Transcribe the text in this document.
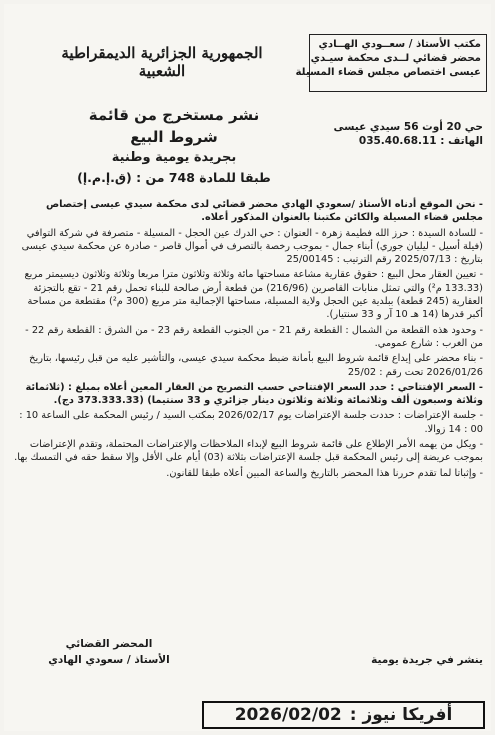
مكتب الأستاذ / سعــودي الهــادي
محضر قضائي لــدى محكمة سيـدي
عيسى اختصاص مجلس قضاء المسيلة
حي 20 أوت 56 سيدي عيسى
الهاتف : 035.40.68.11
الجمهورية الجزائرية الديمقراطية الشعبية
نشر مستخرج من قائمة شروط البيع
بجريدة يومية وطنية
طبقا للمادة 748 من : (ق.إ.م.إ)

- نحن الموقع أدناه الأستاذ /سعودي الهادي محضر قضائي لدى محكمة سيدي عيسى إختصاص مجلس قضاء المسيلة والكائن مكتبنا بالعنوان المذكور أعلاه.

- للسادة السيدة : حرز الله فطيمة زهرة - العنوان : حي الدرك عين الحجل - المسيلة - متصرفة في شركة التوافي (فيلة أسيل - ليليان جوري) أبناء جمال - بموجب رخصة بالتصرف في أموال قاصر - صادرة عن محكمة سيدي عيسى بتاريخ : 2025/07/13 رقم الترتيب : 25/00145

- تعيين العقار محل البيع : حقوق عقارية مشاعة مساحتها مائة وثلاثة وثلاثون مترا مربعا وثلاثة وثلاثون ديسيمتر مربع (133.33 م²) والتي تمثل منابات القاصرين (216/96) من قطعة أرض صالحة للبناء تحمل رقم 21 - تقع بالتجزئة العقارية (245 قطعة) ببلدية عين الحجل ولاية المسيلة، مساحتها الإجمالية متر مربع (300 م²) مقتطعة من مساحة أكبر قدرها (14 هـ 10 آر و 33 سنتيار).

- وحدود هذه القطعة من الشمال : القطعة رقم 21 - من الجنوب القطعة رقم 23 - من الشرق : القطعة رقم 22 - من الغرب : شارع عمومي.

- بناء محضر على إيداع قائمة شروط البيع بأمانة ضبط محكمة سيدي عيسى، والتأشير عليه من قبل رئيسها، بتاريخ 2026/01/26 تحت رقم : 25/02

- السعر الإفتتاحي : حدد السعر الإفتتاحي حسب التصريح من العقار المعين أعلاه بمبلغ : (ثلاثمائة وثلاثة وسبعون ألف وثلاثمائة وثلاثة وثلاثون دينار جزائري و 33 سنتيما) (373.333.33 دج).

- جلسة الإعتراضات : حددت جلسة الإعتراضات يوم 2026/02/17 بمكتب السيد / رئيس المحكمة على الساعة 10 : 00 : 14 زوالا.

- ويكل من يهمه الأمر الإطلاع على قائمة شروط البيع لإبداء الملاحظات والإعتراضات المحتملة، وتقدم الإعتراضات بموجب عريضة إلى رئيس المحكمة قبل جلسة الإعتراضات بثلاثة (03) أيام على الأقل وإلا سقط حقه في التمسك بها.

- وإثباتا لما تقدم حررنا هذا المحضر بالتاريخ والساعة المبين أعلاه طبقا للقانون.

المحضر القضائي
الأستاذ / سعودي الهادي	ينشر في جريدة يومية
أفريكا نيوز :
2026/02/02
